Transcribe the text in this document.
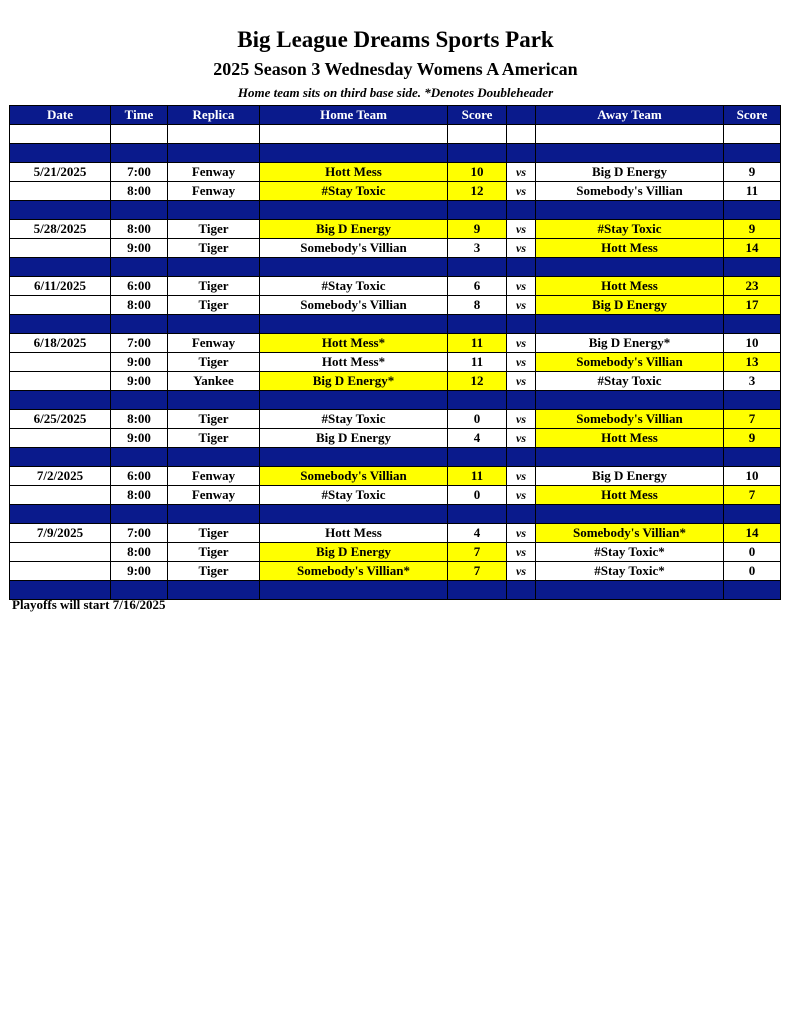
Big League Dreams Sports Park
2025 Season 3 Wednesday Womens A American
Home team sits on third base side. *Denotes Doubleheader
Date	Time	Replica	Home Team	Score		Away Team	Score

5/21/2025	7:00	Fenway	Hott Mess	10	vs	Big D Energy	9
	8:00	Fenway	#Stay Toxic	12	vs	Somebody's Villian	11

5/28/2025	8:00	Tiger	Big D Energy	9	vs	#Stay Toxic	9
	9:00	Tiger	Somebody's Villian	3	vs	Hott Mess	14

6/11/2025	6:00	Tiger	#Stay Toxic	6	vs	Hott Mess	23
	8:00	Tiger	Somebody's Villian	8	vs	Big D Energy	17

6/18/2025	7:00	Fenway	Hott Mess*	11	vs	Big D Energy*	10
	9:00	Tiger	Hott Mess*	11	vs	Somebody's Villian	13
	9:00	Yankee	Big D Energy*	12	vs	#Stay Toxic	3

6/25/2025	8:00	Tiger	#Stay Toxic	0	vs	Somebody's Villian	7
	9:00	Tiger	Big D Energy	4	vs	Hott Mess	9

7/2/2025	6:00	Fenway	Somebody's Villian	11	vs	Big D Energy	10
	8:00	Fenway	#Stay Toxic	0	vs	Hott Mess	7

7/9/2025	7:00	Tiger	Hott Mess	4	vs	Somebody's Villian*	14
	8:00	Tiger	Big D Energy	7	vs	#Stay Toxic*	0
	9:00	Tiger	Somebody's Villian*	7	vs	#Stay Toxic*	0

Playoffs will start 7/16/2025
